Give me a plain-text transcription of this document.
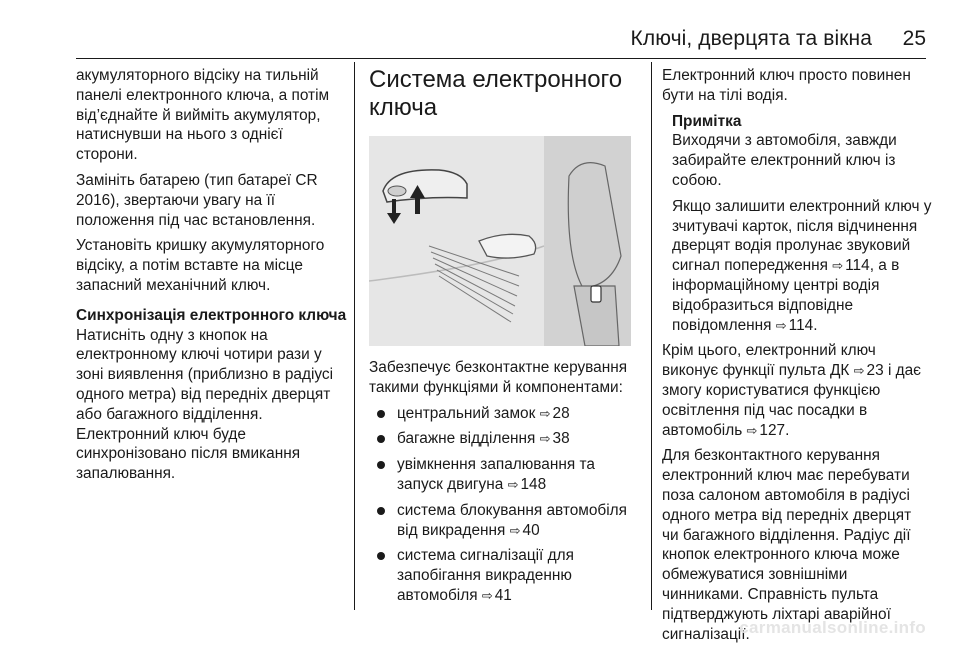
Ключі, дверцята та вікна 25

акумуляторного відсіку на тильній панелі електронного ключа, а потім від’єднайте й вийміть акумулятор, натиснувши на нього з однієї сторони.

Замініть батарею (тип батареї CR 2016), звертаючи увагу на її положення під час встановлення.

Установіть кришку акумуляторного відсіку, а потім вставте на місце запасний механічний ключ.

Синхронізація електронного ключа
Натисніть одну з кнопок на електронному ключі чотири рази у зоні виявлення (приблизно в радіусі одного метра) від передніх дверцят або багажного відділення. Електронний ключ буде синхронізовано після вмикання запалювання.

Система електронного ключа

Забезпечує безконтактне керування такими функціями й компонентами:

центральний замок ⇨ 28
багажне відділення ⇨ 38
увімкнення запалювання та запуск двигуна ⇨ 148
система блокування автомобіля від викрадення ⇨ 40
система сигналізації для запобігання викраденню автомобіля ⇨ 41

Електронний ключ просто повинен бути на тілі водія.

Примітка

Виходячи з автомобіля, завжди забирайте електронний ключ із собою.

Якщо залишити електронний ключ у зчитувачі карток, після відчинення дверцят водія пролунає звуковий сигнал попередження ⇨ 114, а в інформаційному центрі водія відобразиться відповідне повідомлення ⇨ 114.

Крім цього, електронний ключ виконує функції пульта ДК ⇨ 23 і дає змогу користуватися функцією освітлення під час посадки в автомобіль ⇨ 127.

Для безконтактного керування електронний ключ має перебувати поза салоном автомобіля в радіусі одного метра від передніх дверцят чи багажного відділення. Радіус дії кнопок електронного ключа може обмежуватися зовнішніми чинниками. Справність пульта підтверджують ліхтарі аварійної сигналізації.

carmanualsonline.info
